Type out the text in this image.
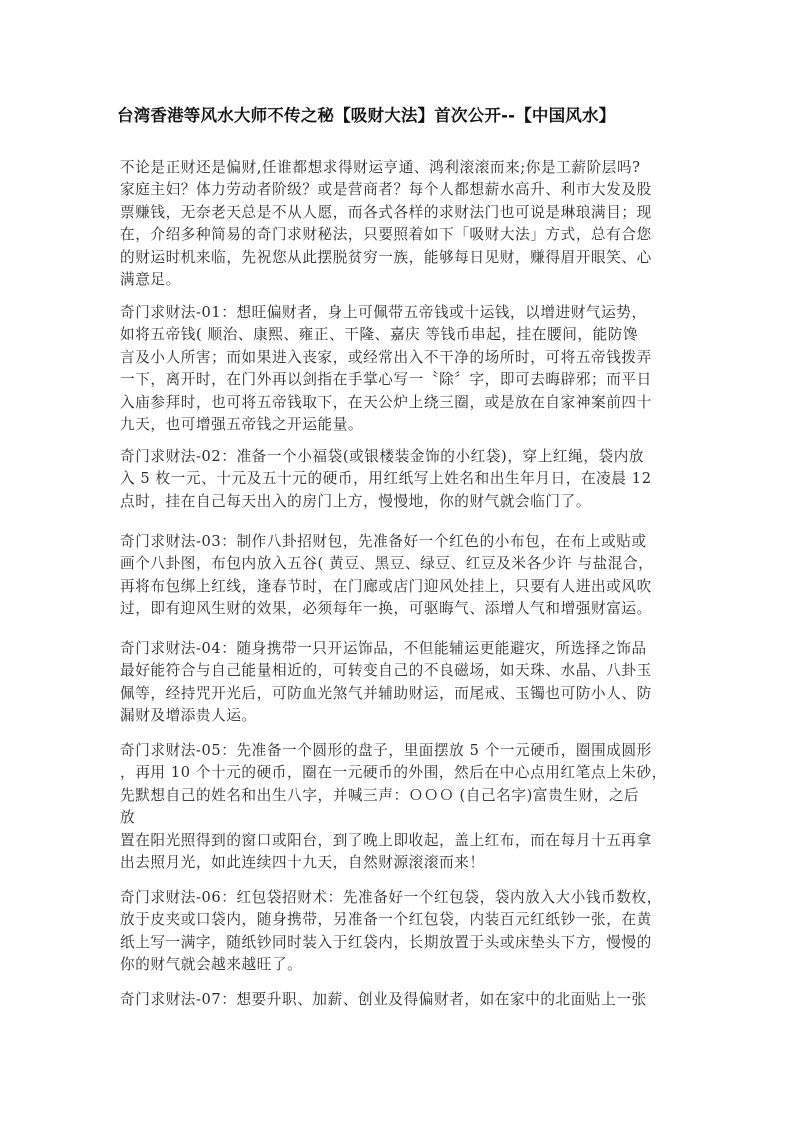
台湾香港等风水大师不传之秘【吸财大法】首次公开--【中国风水】
不论是正财还是偏财,任谁都想求得财运亨通、鸿利滚滚而来;你是工薪阶层吗?
家庭主妇？体力劳动者阶级？或是营商者？每个人都想薪水高升、利市大发及股
票赚钱，无奈老天总是不从人愿，而各式各样的求财法门也可说是琳琅满目；现
在，介绍多种简易的奇门求财秘法，只要照着如下「吸财大法」方式，总有合您
的财运时机来临，先祝您从此摆脱贫穷一族，能够每日见财，赚得眉开眼笑、心
满意足。
奇门求财法-01：想旺偏财者，身上可佩带五帝钱或十运钱，以增进财气运势，
如将五帝钱( 顺治、康熙、雍正、干隆、嘉庆 等钱币串起，挂在腰间，能防馋
言及小人所害；而如果进入丧家，或经常出入不干净的场所时，可将五帝钱拨弄
一下，离开时，在门外再以剑指在手掌心写一〝除〞字，即可去晦辟邪；而平日
入庙参拜时，也可将五帝钱取下，在天公炉上绕三圈，或是放在自家神案前四十
九天，也可增强五帝钱之开运能量。
奇门求财法-02：准备一个小福袋(或银楼装金饰的小红袋)，穿上红绳，袋内放
入 5 枚一元、十元及五十元的硬币，用红纸写上姓名和出生年月日，在凌晨 12
点时，挂在自己每天出入的房门上方，慢慢地，你的财气就会临门了。
奇门求财法-03：制作八卦招财包，先准备好一个红色的小布包，在布上或贴或
画个八卦图，布包内放入五谷( 黄豆、黑豆、绿豆、红豆及米各少许 与盐混合，
再将布包绑上红线，逢春节时，在门廊或店门迎风处挂上，只要有人进出或风吹
过，即有迎风生财的效果，必须每年一换，可驱晦气、添增人气和增强财富运。
奇门求财法-04：随身携带一只开运饰品，不但能辅运更能避灾，所选择之饰品
最好能符合与自己能量相近的，可转变自己的不良磁场，如天珠、水晶、八卦玉
佩等，经持咒开光后，可防血光煞气并辅助财运，而尾戒、玉镯也可防小人、防
漏财及增添贵人运。
奇门求财法-05：先准备一个圆形的盘子，里面摆放 5 个一元硬币，圈围成圆形
，再用 10 个十元的硬币，圈在一元硬币的外围，然后在中心点用红笔点上朱砂，
先默想自己的姓名和出生八字，并喊三声：ＯＯＯ (自己名字)富贵生财，之后
放
置在阳光照得到的窗口或阳台，到了晚上即收起，盖上红布，而在每月十五再拿
出去照月光，如此连续四十九天，自然财源滚滚而来！
奇门求财法-06：红包袋招财术：先准备好一个红包袋，袋内放入大小钱币数枚，
放于皮夹或口袋内，随身携带，另准备一个红包袋，内装百元红纸钞一张，在黄
纸上写一满字，随纸钞同时装入于红袋内，长期放置于头或床垫头下方，慢慢的
你的财气就会越来越旺了。
奇门求财法-07：想要升职、加薪、创业及得偏财者，如在家中的北面贴上一张
